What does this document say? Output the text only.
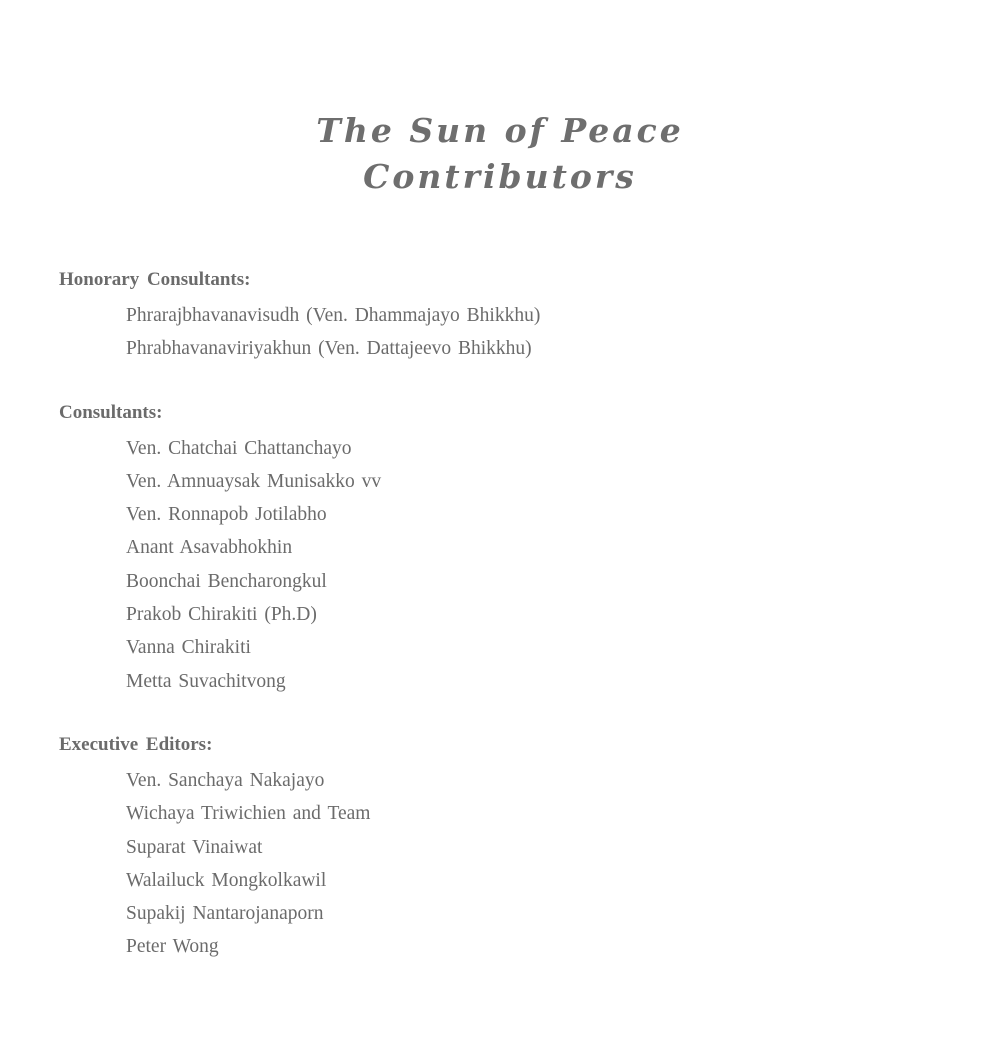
The Sun of Peace
Contributors
Honorary Consultants:
Phrarajbhavanavisudh (Ven. Dhammajayo Bhikkhu)
Phrabhavanaviriyakhun (Ven. Dattajeevo Bhikkhu)
Consultants:
Ven. Chatchai Chattanchayo
Ven. Amnuaysak Munisakko vv
Ven. Ronnapob Jotilabho
Anant Asavabhokhin
Boonchai Bencharongkul
Prakob Chirakiti (Ph.D)
Vanna Chirakiti
Metta Suvachitvong
Executive Editors:
Ven. Sanchaya Nakajayo
Wichaya Triwichien and Team
Suparat Vinaiwat
Walailuck Mongkolkawil
Supakij Nantarojanaporn
Peter Wong
